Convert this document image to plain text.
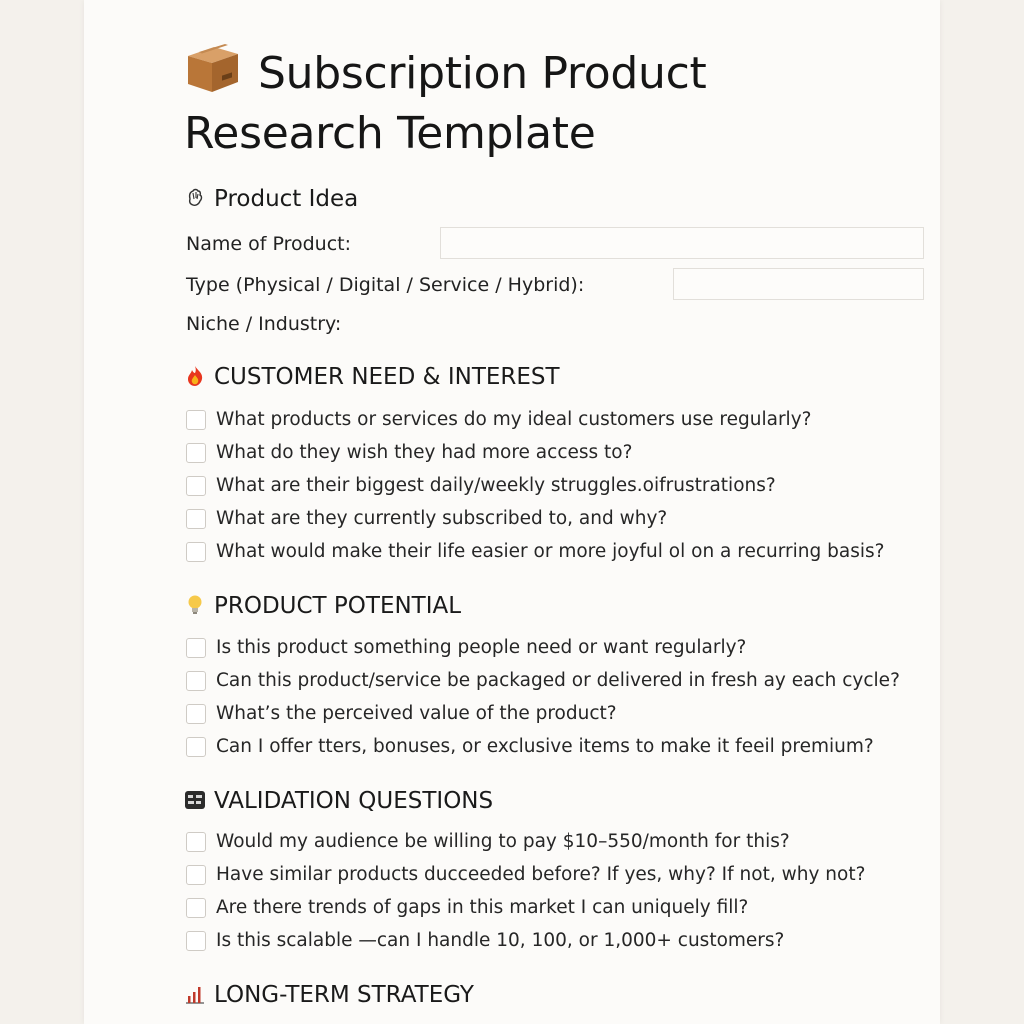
Subscription Product
Research Template
Product Idea
Name of Product:
Type (Physical / Digital / Service / Hybrid):
Niche / Industry:
CUSTOMER NEED & INTEREST
What products or services do my ideal customers use regularly?
What do they wish they had more access to?
What are their biggest daily/weekly struggles.oifrustrations?
What are they currently subscribed to, and why?
What would make their life easier or more joyful ol on a recurring basis?
PRODUCT POTENTIAL
Is this product something people need or want regularly?
Can this product/service be packaged or delivered in fresh ay each cycle?
What’s the perceived value of the product?
Can I offer tters, bonuses, or exclusive items to make it feeil premium?
VALIDATION QUESTIONS
Would my audience be willing to pay $10–550/month for this?
Have similar products ducceeded before? If yes, why? If not, why not?
Are there trends of gaps in this market I can uniquely fill?
Is this scalable —can I handle 10, 100, or 1,000+ customers?
LONG-TERM STRATEGY
